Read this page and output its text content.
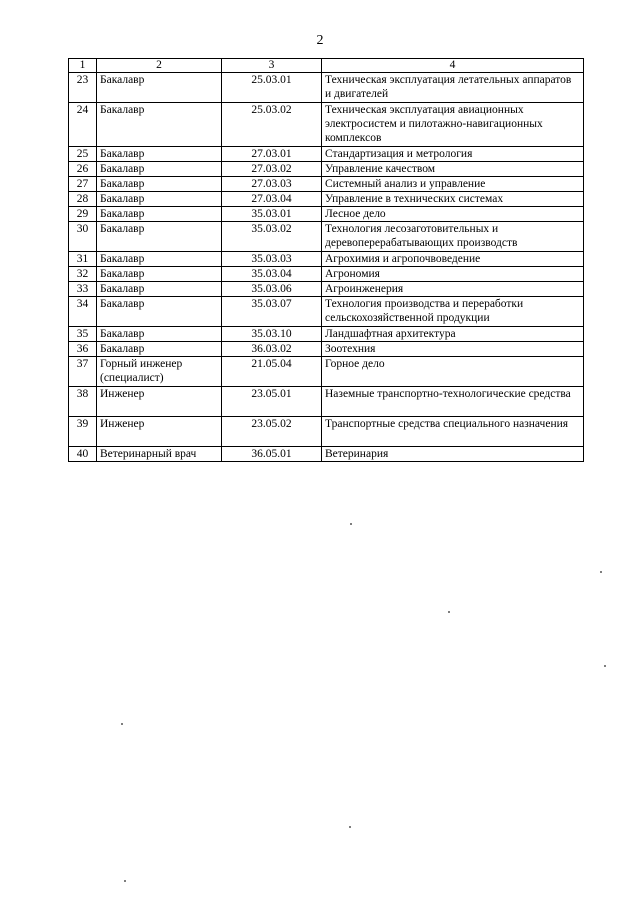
2
1	2	3	4
23	Бакалавр	25.03.01	Техническая эксплуатация летательных аппаратов и двигателей
24	Бакалавр	25.03.02	Техническая эксплуатация авиационных электросистем и пилотажно-навигационных комплексов
25	Бакалавр	27.03.01	Стандартизация и метрология
26	Бакалавр	27.03.02	Управление качеством
27	Бакалавр	27.03.03	Системный анализ и управление
28	Бакалавр	27.03.04	Управление в технических системах
29	Бакалавр	35.03.01	Лесное дело
30	Бакалавр	35.03.02	Технология лесозаготовительных и деревоперерабатывающих производств
31	Бакалавр	35.03.03	Агрохимия и агропочвоведение
32	Бакалавр	35.03.04	Агрономия
33	Бакалавр	35.03.06	Агроинженерия
34	Бакалавр	35.03.07	Технология производства и переработки сельскохозяйственной продукции
35	Бакалавр	35.03.10	Ландшафтная архитектура
36	Бакалавр	36.03.02	Зоотехния
37	Горный инженер (специалист)	21.05.04	Горное дело
38	Инженер	23.05.01	Наземные транспортно-технологические средства
39	Инженер	23.05.02	Транспортные средства специального назначения
40	Ветеринарный врач	36.05.01	Ветеринария
